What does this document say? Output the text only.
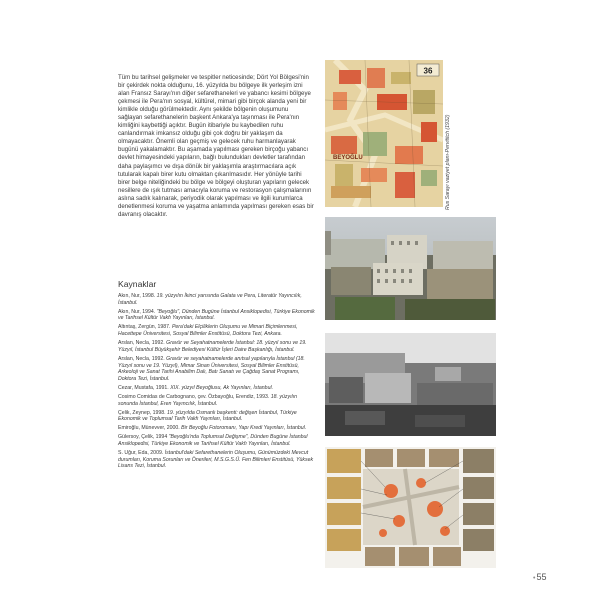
Tüm bu tarihsel gelişmeler ve tespitler neticesinde; Dört Yol Bölgesi'nin bir çekirdek nokta olduğunu, 16. yüzyılda bu bölgeye ilk yerleşim izni alan Fransız Sarayı'nın diğer sefarethaneleri ve yabancı kesimi bölgeye çekmesi ile Pera'nın sosyal, kültürel, mimari gibi birçok alanda yeni bir kimlikle olduğu görülmektedir. Aynı şekilde bölgenin oluşumunu sağlayan sefarethanelerin başkent Ankara'ya taşınması ile Pera'nın kimliğini kaybettiği açıktır. Bugün itibariyle bu kaybedilen ruhu canlandırmak imkansız olduğu gibi çok doğru bir yaklaşım da olmayacaktır. Önemli olan geçmiş ve gelecek ruhu harmanlayarak bugünü yakalamaktır. Bu aşamada yapılması gereken birçoğu yabancı devlet himayesindeki yapıların, bağlı bulundukları devletler tarafından daha paylaşımcı ve dışa dönük bir yaklaşımla araştırmacılara açık tutularak kapalı birer kutu olmaktan çıkarılmasıdır. Her yönüyle tarihi birer belge niteliğindeki bu bölge ve bölgeyi oluşturan yapıların gelecek nesillere de ışık tutması amacıyla koruma ve restorasyon çalışmalarının aslına sadık kalınarak, periyodik olarak yapılması ve ilgili kurumlarca denetlenmesi koruma ve yaşatma anlamında yapılması gereken esas bir davranış olacaktır.

Kaynaklar

Akın, Nur, 1998. 19. yüzyılın İkinci yarısında Galata ve Pera, Literatür Yayıncılık, İstanbul.

Akın, Nur, 1994. "Beyoğlu", Dünden Bugüne İstanbul Ansiklopedisi, Türkiye Ekonomik ve Tarihsel Kültür Vakfı Yayınları, İstanbul.

Altıntaş, Zergün, 1987. Pera'daki Elçiliklerin Oluşumu ve Mimari Biçimlenmesi, Hacettepe Üniversitesi, Sosyal Bilimler Enstitüsü, Doktora Tezi, Ankara.

Arslan, Necla, 1992. Gravür ve Seyahatnamelerde İstanbul: 18. yüzyıl sonu ve 19. Yüzyıl, İstanbul Büyükşehir Belediyesi Kültür İşleri Daire Başkanlığı, İstanbul.

Arslan, Necla, 1992. Gravür ve seyahatnamelerde anıtsal yapılarıyla İstanbul (18. Yüzyıl sonu ve 19. Yüzyıl), Mimar Sinan Üniversitesi, Sosyal Bilimler Enstitüsü, Arkeoloji ve Sanat Tarihi Anabilim Dalı, Batı Sanatı ve Çağdaş Sanat Programı, Doktora Tezi, İstanbul.

Cezar, Mustafa, 1991. XIX. yüzyıl Beyoğlusu, Ak Yayınları, İstanbul.

Cosimo Comidas de Carbognano, çev. Özbayoğlu, Erendiz, 1993. 18. yüzyılın sonunda İstanbul, Eren Yayıncılık, İstanbul.

Çelik, Zeynep, 1998. 19. yüzyılda Osmanlı başkenti: değişen İstanbul, Türkiye Ekonomik ve Toplumsal Tarih Vakfı Yayınları, İstanbul.

Emiroğlu, Münevver, 2000. Bir Beyoğlu Fotoromanı, Yapı Kredi Yayınları, İstanbul.

Gülersoy, Çelik, 1994 "Beyoğlu'nda Toplumsal Değişme", Dünden Bugüne İstanbul Ansiklopedisi, Türkiye Ekonomik ve Tarihsel Kültür Vakfı Yayınları, İstanbul.

S. Uğur, Eda, 2009. İstanbul'daki Sefarethanelerin Oluşumu, Günümüzdeki Mevcut durumları, Koruma Sorunları ve Önerileri, M.S.G.S.Ü. Fen Bilimleri Enstitüsü, Yüksek Lisans Tezi, İstanbul.

36
BEYOĞLU	Rus Sarayı vaziyet planı-Pervititch (1932)
•55
